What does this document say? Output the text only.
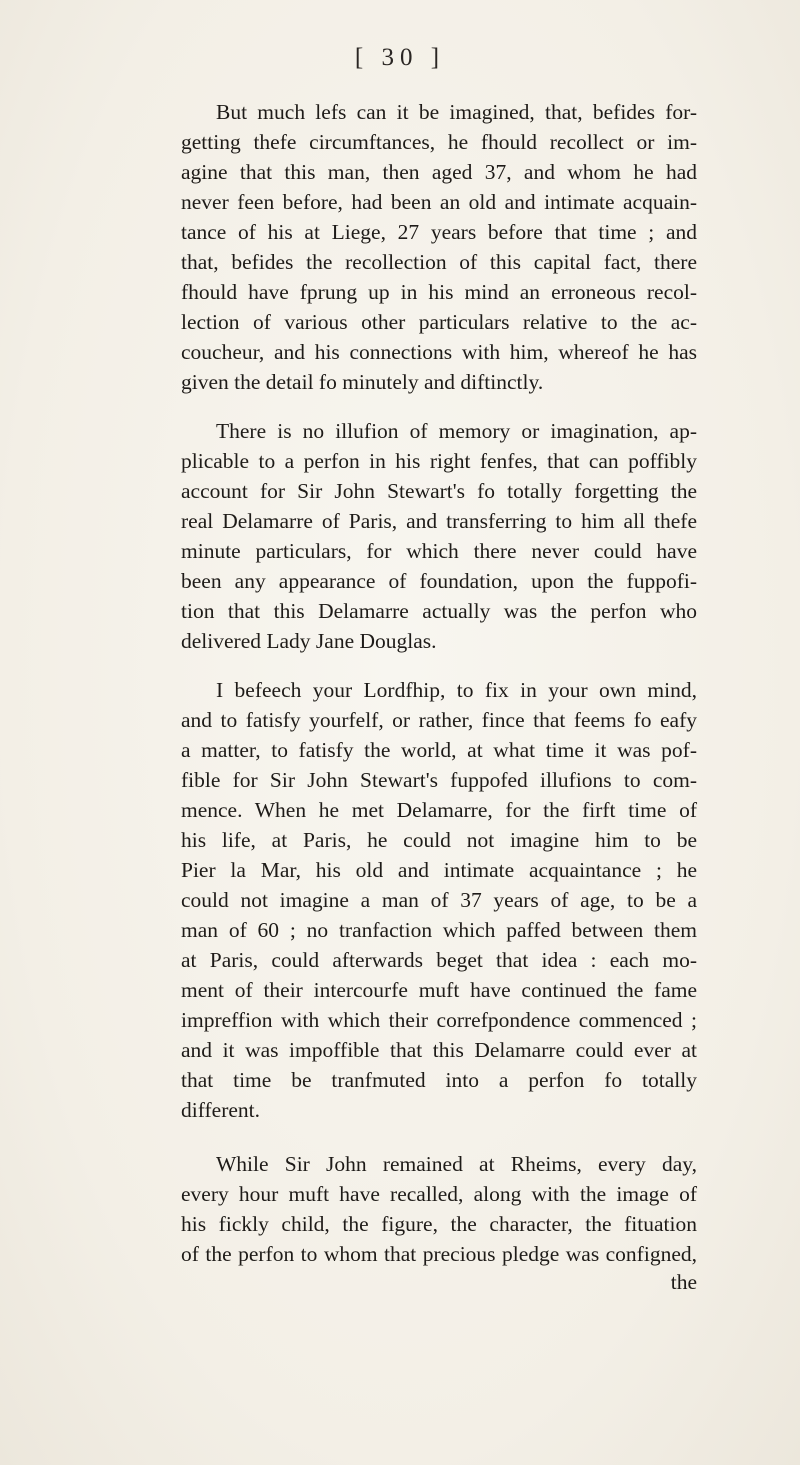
[ 30 ]
But much lefs can it be imagined, that, befides for-
getting thefe circumftances, he fhould recollect or im-
agine that this man, then aged 37, and whom he had
never feen before, had been an old and intimate acquain-
tance of his at Liege, 27 years before that time ; and
that, befides the recollection of this capital fact, there
fhould have fprung up in his mind an erroneous recol-
lection of various other particulars relative to the ac-
coucheur, and his connections with him, whereof he has
given the detail fo minutely and diftinctly.
There is no illufion of memory or imagination, ap-
plicable to a perfon in his right fenfes, that can poffibly
account for Sir John Stewart's fo totally forgetting the
real Delamarre of Paris, and transferring to him all thefe
minute particulars, for which there never could have
been any appearance of foundation, upon the fuppofi-
tion that this Delamarre actually was the perfon who
delivered Lady Jane Douglas.
I befeech your Lordfhip, to fix in your own mind,
and to fatisfy yourfelf, or rather, fince that feems fo eafy
a matter, to fatisfy the world, at what time it was pof-
fible for Sir John Stewart's fuppofed illufions to com-
mence. When he met Delamarre, for the firft time of
his life, at Paris, he could not imagine him to be
Pier la Mar, his old and intimate acquaintance ; he
could not imagine a man of 37 years of age, to be a
man of 60 ; no tranfaction which paffed between them
at Paris, could afterwards beget that idea : each mo-
ment of their intercourfe muft have continued the fame
impreffion with which their correfpondence commenced ;
and it was impoffible that this Delamarre could ever at
that time be tranfmuted into a perfon fo totally
different.
While Sir John remained at Rheims, every day,
every hour muft have recalled, along with the image of
his fickly child, the figure, the character, the fituation
of the perfon to whom that precious pledge was configned,
the
